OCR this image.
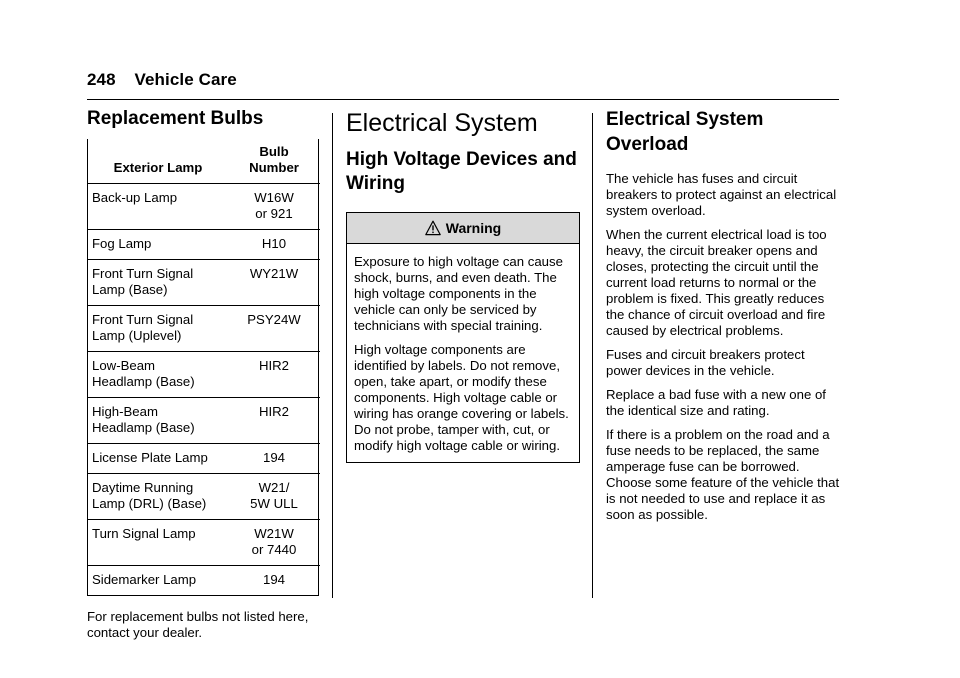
248 Vehicle Care
Replacement Bulbs
Exterior Lamp	Bulb
Number
Back-up Lamp	W16W
or 921
Fog Lamp	H10
Front Turn Signal
Lamp (Base)	WY21W
Front Turn Signal
Lamp (Uplevel)	PSY24W
Low-Beam
Headlamp (Base)	HIR2
High-Beam
Headlamp (Base)	HIR2
License Plate Lamp	194
Daytime Running
Lamp (DRL) (Base)	W21/
5W ULL
Turn Signal Lamp	W21W
or 7440
Sidemarker Lamp	194

For replacement bulbs not listed here, contact your dealer.

Electrical System
High Voltage Devices and Wiring
Warning

Exposure to high voltage can cause shock, burns, and even death. The high voltage components in the vehicle can only be serviced by technicians with special training.

High voltage components are identified by labels. Do not remove, open, take apart, or modify these components. High voltage cable or wiring has orange covering or labels. Do not probe, tamper with, cut, or modify high voltage cable or wiring.

Electrical System Overload

The vehicle has fuses and circuit breakers to protect against an electrical system overload.

When the current electrical load is too heavy, the circuit breaker opens and closes, protecting the circuit until the current load returns to normal or the problem is fixed. This greatly reduces the chance of circuit overload and fire caused by electrical problems.

Fuses and circuit breakers protect power devices in the vehicle.

Replace a bad fuse with a new one of the identical size and rating.

If there is a problem on the road and a fuse needs to be replaced, the same amperage fuse can be borrowed. Choose some feature of the vehicle that is not needed to use and replace it as soon as possible.
